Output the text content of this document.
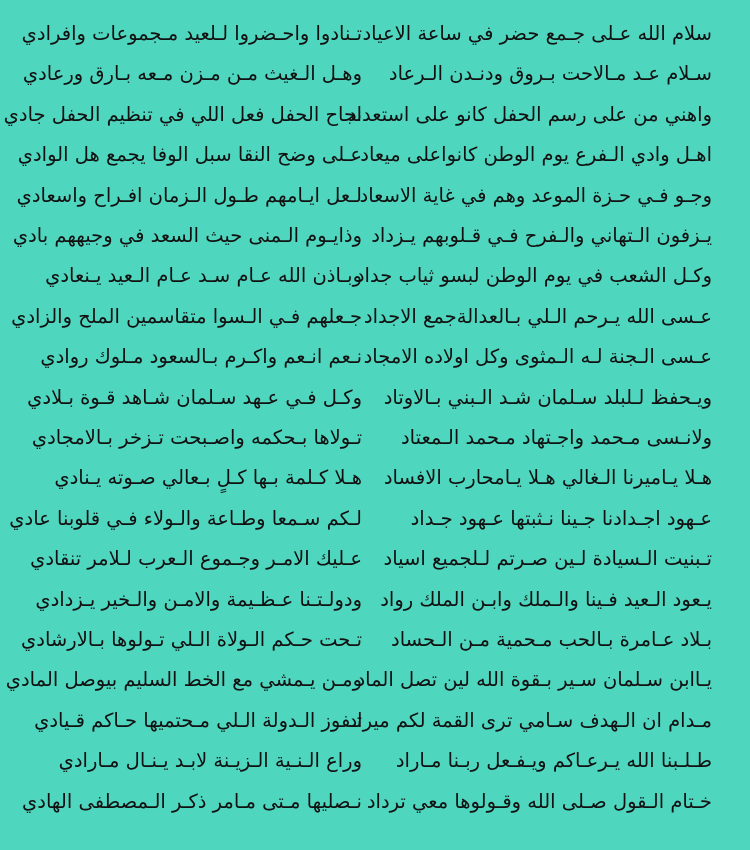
سلام الله عـلى جـمع حضر في ساعة الاعياد
تـنادوا واحـضروا لـلعيد مـجموعات وافرادي
سـلام عـد مـالاحت بـروق ودنـدن الـرعاد
وهـل الـغيث مـن مـزن مـعه بـارق ورعادي
واهني من على رسم الحفل كانو على استعداد
نجاح الحفل فعل اللي في تنظيم الحفل جادي
اهـل وادي الـفرع يوم الوطن كانواعلى ميعاد
عـلى وضح النقا سبل الوفا يجمع هل الوادي
وجـو فـي حـزة الموعد وهم في غاية الاسعاد
لـعل ايـامهم طـول الـزمان افـراح واسعادي
يـزفون الـتهاني والـفرح فـي قـلوبهم يـزداد
وذايـوم الـمنى حيث السعد في وجيههم بادي
وكـل الشعب في يوم الوطن لبسو ثياب جداد
وبـاذن الله عـام سـد عـام الـعيد يـنعادي
عـسى الله يـرحم الـلي بـالعدالةجمع الاجداد
جـعلهم فـي الـسوا متقاسمين الملح والزادي
عـسى الـجنة لـه الـمثوى وكل اولاده الامجاد
نـعم انـعم واكـرم بـالسعود مـلوك روادي
ويـحفظ لـلبلد سـلمان شـد الـبني بـالاوتاد
وكـل فـي عـهد سـلمان شـاهد قـوة بـلادي
ولانـسى مـحمد واجـتهاد مـحمد الـمعتاد
تـولاها بـحكمه واصـبحت تـزخر بـالامجادي
هـلا يـاميرنا الـغالي هـلا يـامحارب الافساد
هـلا كـلمة بـها كـلٍ بـعالي صـوته يـنادي
عـهود اجـدادنا جـينا نـثبتها عـهود جـداد
لـكم سـمعا وطـاعة والـولاء فـي قلوبنا عادي
تـبنيت الـسيادة لـين صـرتم لـلجميع اسياد
عـليك الامـر وجـموع الـعرب لـلامر تنقادي
يـعود الـعيد فـينا والـملك وابـن الملك رواد
ودولـتـنا عـظـيمة والامـن والـخير يـزدادي
بـلاد عـامرة بـالحب مـحمية مـن الـحساد
تـحت حـكم الـولاة الـلي تـولوها بـالارشادي
يـاابن سـلمان سـير بـقوة الله لين تصل الماد
ومـن يـمشي مع الخط السليم بيوصل المادي
مـدام ان الـهدف سـامي ترى القمة لكم ميراد
تـفوز الـدولة الـلي مـحتميها حـاكم قـيادي
طـلـبنا الله يـرعـاكم ويـفـعل ربـنا مـاراد
وراع الـنـية الـزيـنة لابـد يـنـال مـارادي
خـتام الـقول صـلى الله وقـولوها معي ترداد
نـصليها مـتى مـامر ذكـر الـمصطفى الهادي
